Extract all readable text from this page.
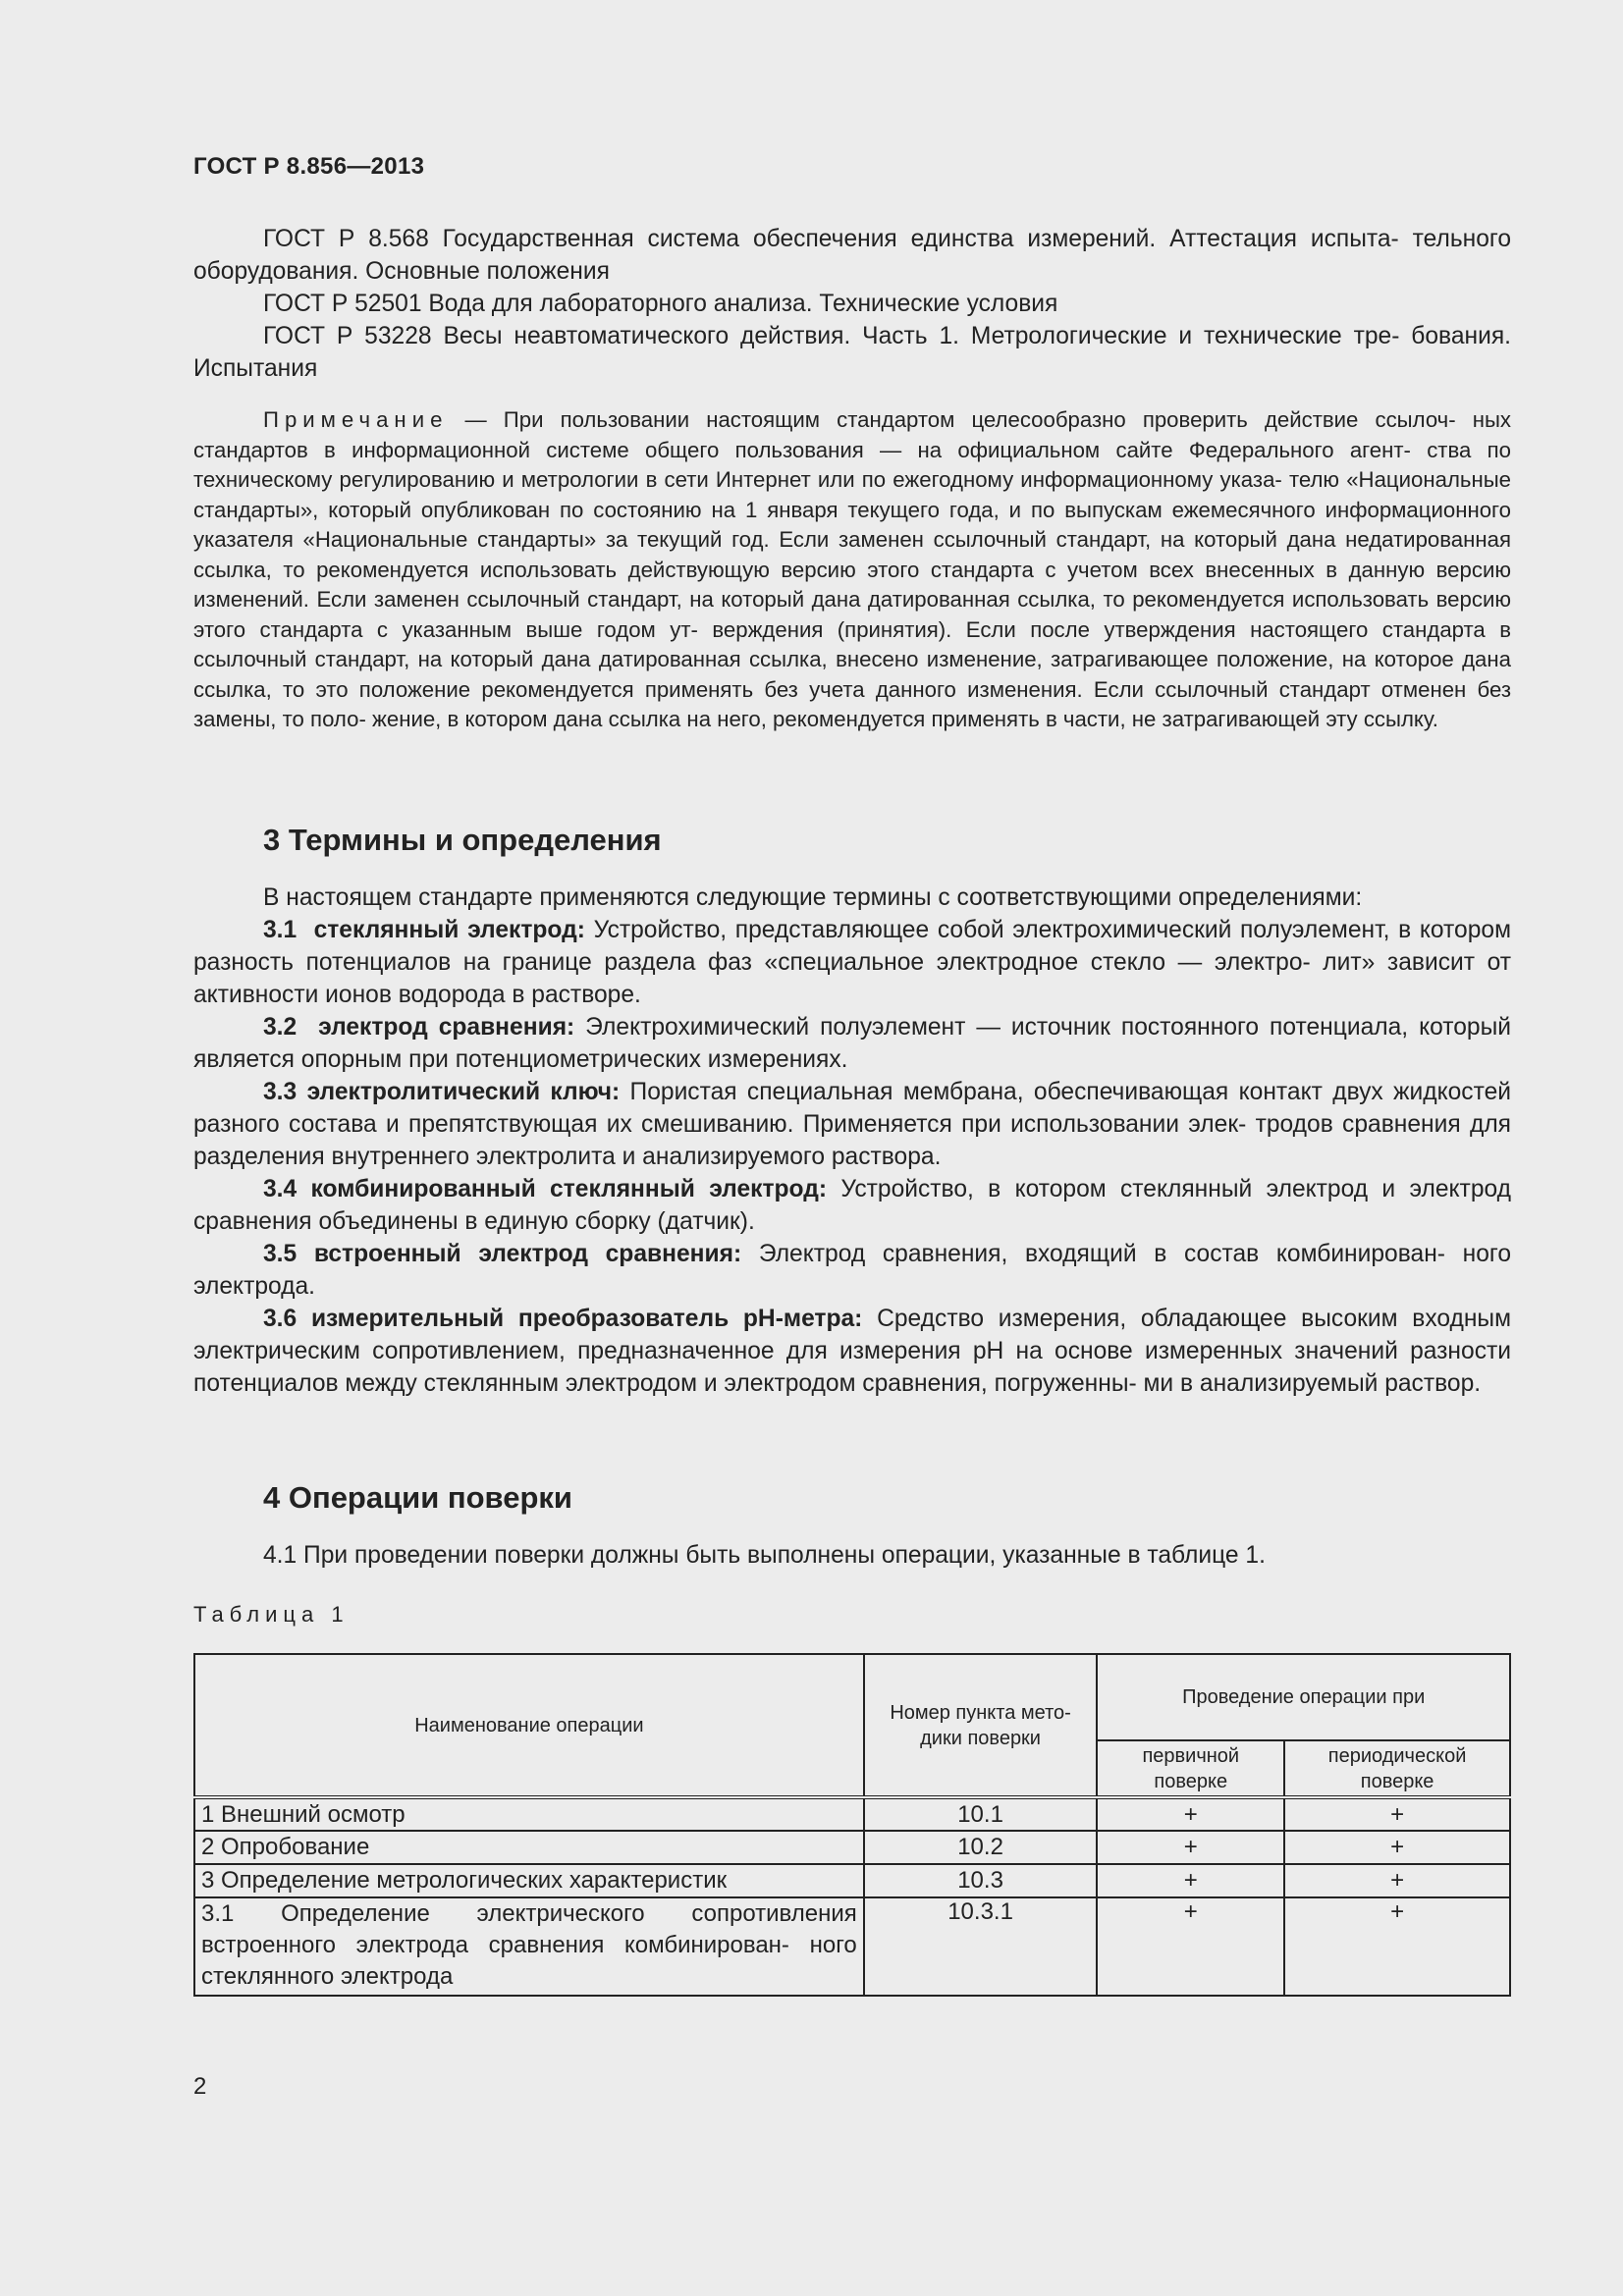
ГОСТ Р 8.856—2013

ГОСТ Р 8.568 Государственная система обеспечения единства измерений. Аттестация испыта- тельного оборудования. Основные положения

ГОСТ Р 52501 Вода для лабораторного анализа. Технические условия

ГОСТ Р 53228 Весы неавтоматического действия. Часть 1. Метрологические и технические тре- бования. Испытания

Примечание — При пользовании настоящим стандартом целесообразно проверить действие ссылоч- ных стандартов в информационной системе общего пользования — на официальном сайте Федерального агент- ства по техническому регулированию и метрологии в сети Интернет или по ежегодному информационному указа- телю «Национальные стандарты», который опубликован по состоянию на 1 января текущего года, и по выпускам ежемесячного информационного указателя «Национальные стандарты» за текущий год. Если заменен ссылочный стандарт, на который дана недатированная ссылка, то рекомендуется использовать действующую версию этого стандарта с учетом всех внесенных в данную версию изменений. Если заменен ссылочный стандарт, на который дана датированная ссылка, то рекомендуется использовать версию этого стандарта с указанным выше годом ут- верждения (принятия). Если после утверждения настоящего стандарта в ссылочный стандарт, на который дана датированная ссылка, внесено изменение, затрагивающее положение, на которое дана ссылка, то это положение рекомендуется применять без учета данного изменения. Если ссылочный стандарт отменен без замены, то поло- жение, в котором дана ссылка на него, рекомендуется применять в части, не затрагивающей эту ссылку.

3 Термины и определения

В настоящем стандарте применяются следующие термины с соответствующими определениями:

3.1 стеклянный электрод: Устройство, представляющее собой электрохимический полуэлемент, в котором разность потенциалов на границе раздела фаз «специальное электродное стекло — электро- лит» зависит от активности ионов водорода в растворе.

3.2 электрод сравнения: Электрохимический полуэлемент — источник постоянного потенциала, который является опорным при потенциометрических измерениях.

3.3 электролитический ключ: Пористая специальная мембрана, обеспечивающая контакт двух жидкостей разного состава и препятствующая их смешиванию. Применяется при использовании элек- тродов сравнения для разделения внутреннего электролита и анализируемого раствора.

3.4 комбинированный стеклянный электрод: Устройство, в котором стеклянный электрод и электрод сравнения объединены в единую сборку (датчик).

3.5 встроенный электрод сравнения: Электрод сравнения, входящий в состав комбинирован- ного электрода.

3.6 измерительный преобразователь рН-метра: Средство измерения, обладающее высоким входным электрическим сопротивлением, предназначенное для измерения рН на основе измеренных значений разности потенциалов между стеклянным электродом и электродом сравнения, погруженны- ми в анализируемый раствор.

4 Операции поверки

4.1 При проведении поверки должны быть выполнены операции, указанные в таблице 1.

Таблица 1
Наименование операции	Номер пункта мето- дики поверки	Проведение операции при	
		первичной поверке	периодической поверке
1 Внешний осмотр	10.1	+	+
2 Опробование	10.2	+	+
3 Определение метрологических характеристик	10.3	+	+
3.1 Определение электрического сопротивления встроенного электрода сравнения комбинирован- ного стеклянного электрода	10.3.1	+	+
2
